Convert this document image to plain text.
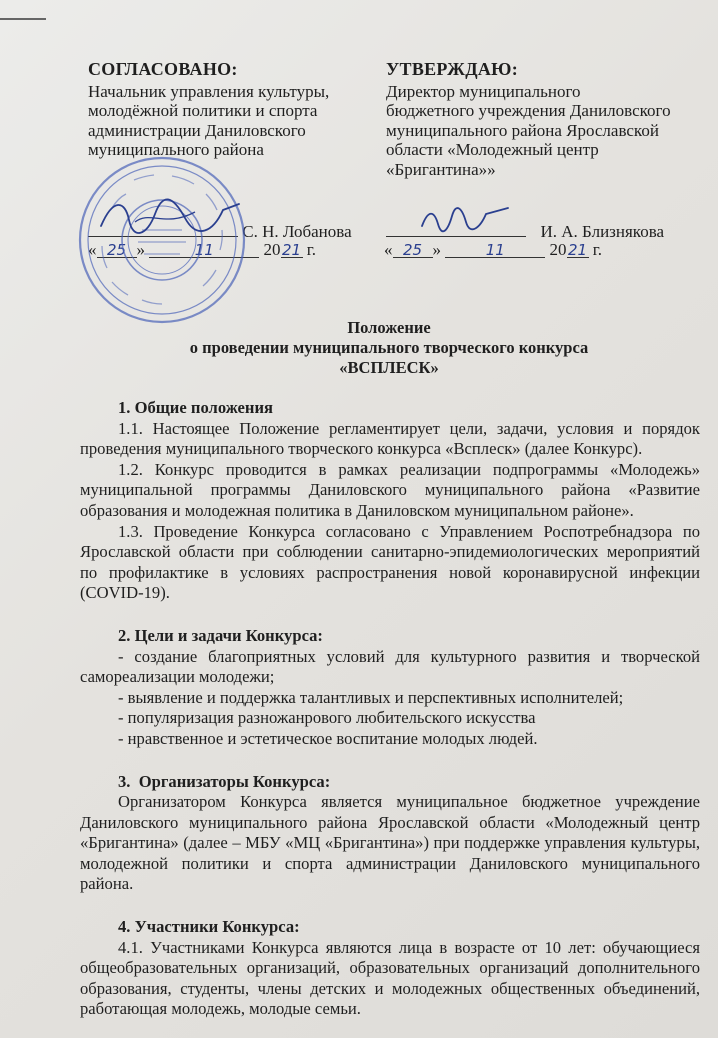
СОГЛАСОВАНО:
Начальник управления культуры,
молодёжной политики и спорта
администрации Даниловского
муниципального района
УТВЕРЖДАЮ:
Директор муниципального
бюджетного учреждения Даниловского
муниципального района Ярославской
области «Молодежный центр
«Бригантина»»
С. Н. Лобанова
« 25 »	11	2021 г.
И. А. Близнякова
« 25 »	11	2021 г.
Положение
о проведении муниципального творческого конкурса
«ВСПЛЕСК»
1. Общие положения
1.1. Настоящее Положение регламентирует цели, задачи, условия и порядок проведения муниципального творческого конкурса «Всплеск» (далее Конкурс).
1.2. Конкурс проводится в рамках реализации подпрограммы «Молодежь» муниципальной программы Даниловского муниципального района «Развитие образования и молодежная политика в Даниловском муниципальном районе».
1.3. Проведение Конкурса согласовано с Управлением Роспотребнадзора по Ярославской области при соблюдении санитарно-эпидемиологических мероприятий по профилактике в условиях распространения новой коронавирусной инфекции (COVID-19).
2. Цели и задачи Конкурса:
- создание благоприятных условий для культурного развития и творческой самореализации молодежи;
- выявление и поддержка талантливых и перспективных исполнителей;
- популяризация разножанрового любительского искусства
- нравственное и эстетическое воспитание молодых людей.
3.  Организаторы Конкурса:
Организатором Конкурса является муниципальное бюджетное учреждение Даниловского муниципального района Ярославской области «Молодежный центр «Бригантина» (далее – МБУ «МЦ «Бригантина») при поддержке управления культуры, молодежной политики и спорта администрации Даниловского муниципального района.
4. Участники Конкурса:
4.1. Участниками Конкурса являются лица в возрасте от 10 лет: обучающиеся общеобразовательных организаций, образовательных организаций дополнительного образования, студенты, члены детских и молодежных общественных объединений, работающая молодежь, молодые семьи.
